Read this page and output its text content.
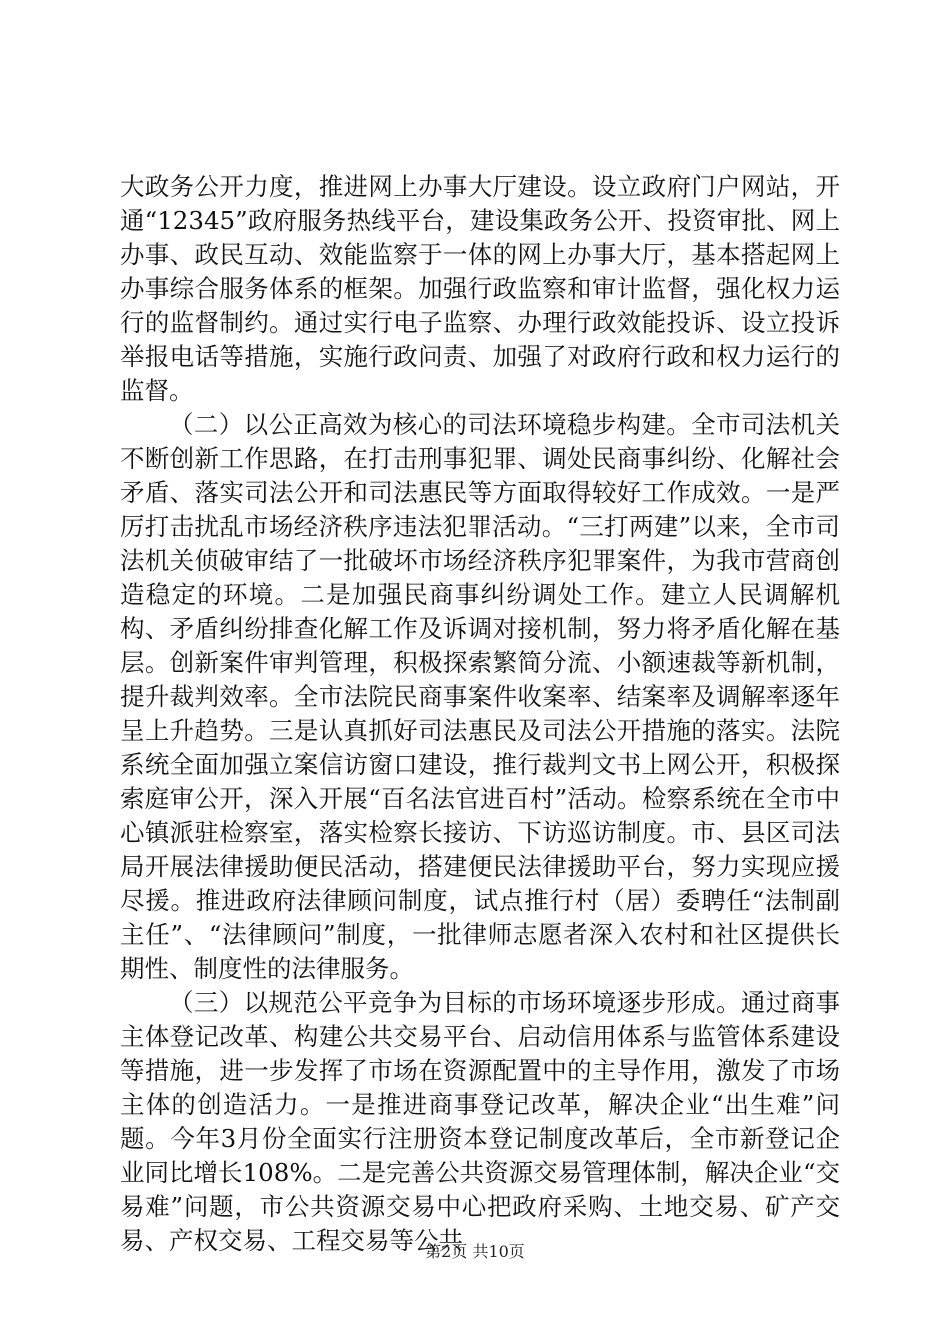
大政务公开力度，推进网上办事大厅建设。设立政府门户网站，开通“12345”政府服务热线平台，建设集政务公开、投资审批、网上办事、政民互动、效能监察于一体的网上办事大厅，基本搭起网上办事综合服务体系的框架。加强行政监察和审计监督，强化权力运行的监督制约。通过实行电子监察、办理行政效能投诉、设立投诉举报电话等措施，实施行政问责、加强了对政府行政和权力运行的监督。

（二）以公正高效为核心的司法环境稳步构建。全市司法机关不断创新工作思路，在打击刑事犯罪、调处民商事纠纷、化解社会矛盾、落实司法公开和司法惠民等方面取得较好工作成效。一是严厉打击扰乱市场经济秩序违法犯罪活动。“三打两建”以来，全市司法机关侦破审结了一批破坏市场经济秩序犯罪案件，为我市营商创造稳定的环境。二是加强民商事纠纷调处工作。建立人民调解机构、矛盾纠纷排查化解工作及诉调对接机制，努力将矛盾化解在基层。创新案件审判管理，积极探索繁简分流、小额速裁等新机制，提升裁判效率。全市法院民商事案件收案率、结案率及调解率逐年呈上升趋势。三是认真抓好司法惠民及司法公开措施的落实。法院系统全面加强立案信访窗口建设，推行裁判文书上网公开，积极探索庭审公开，深入开展“百名法官进百村”活动。检察系统在全市中心镇派驻检察室，落实检察长接访、下访巡访制度。市、县区司法局开展法律援助便民活动，搭建便民法律援助平台，努力实现应援尽援。推进政府法律顾问制度，试点推行村（居）委聘任“法制副主任”、“法律顾问”制度，一批律师志愿者深入农村和社区提供长期性、制度性的法律服务。

（三）以规范公平竞争为目标的市场环境逐步形成。通过商事主体登记改革、构建公共交易平台、启动信用体系与监管体系建设等措施，进一步发挥了市场在资源配置中的主导作用，激发了市场主体的创造活力。一是推进商事登记改革，解决企业“出生难”问题。今年3月份全面实行注册资本登记制度改革后，全市新登记企业同比增长108%。二是完善公共资源交易管理体制，解决企业“交易难”问题，市公共资源交易中心把政府采购、土地交易、矿产交易、产权交易、工程交易等公共

第2页 共10页
